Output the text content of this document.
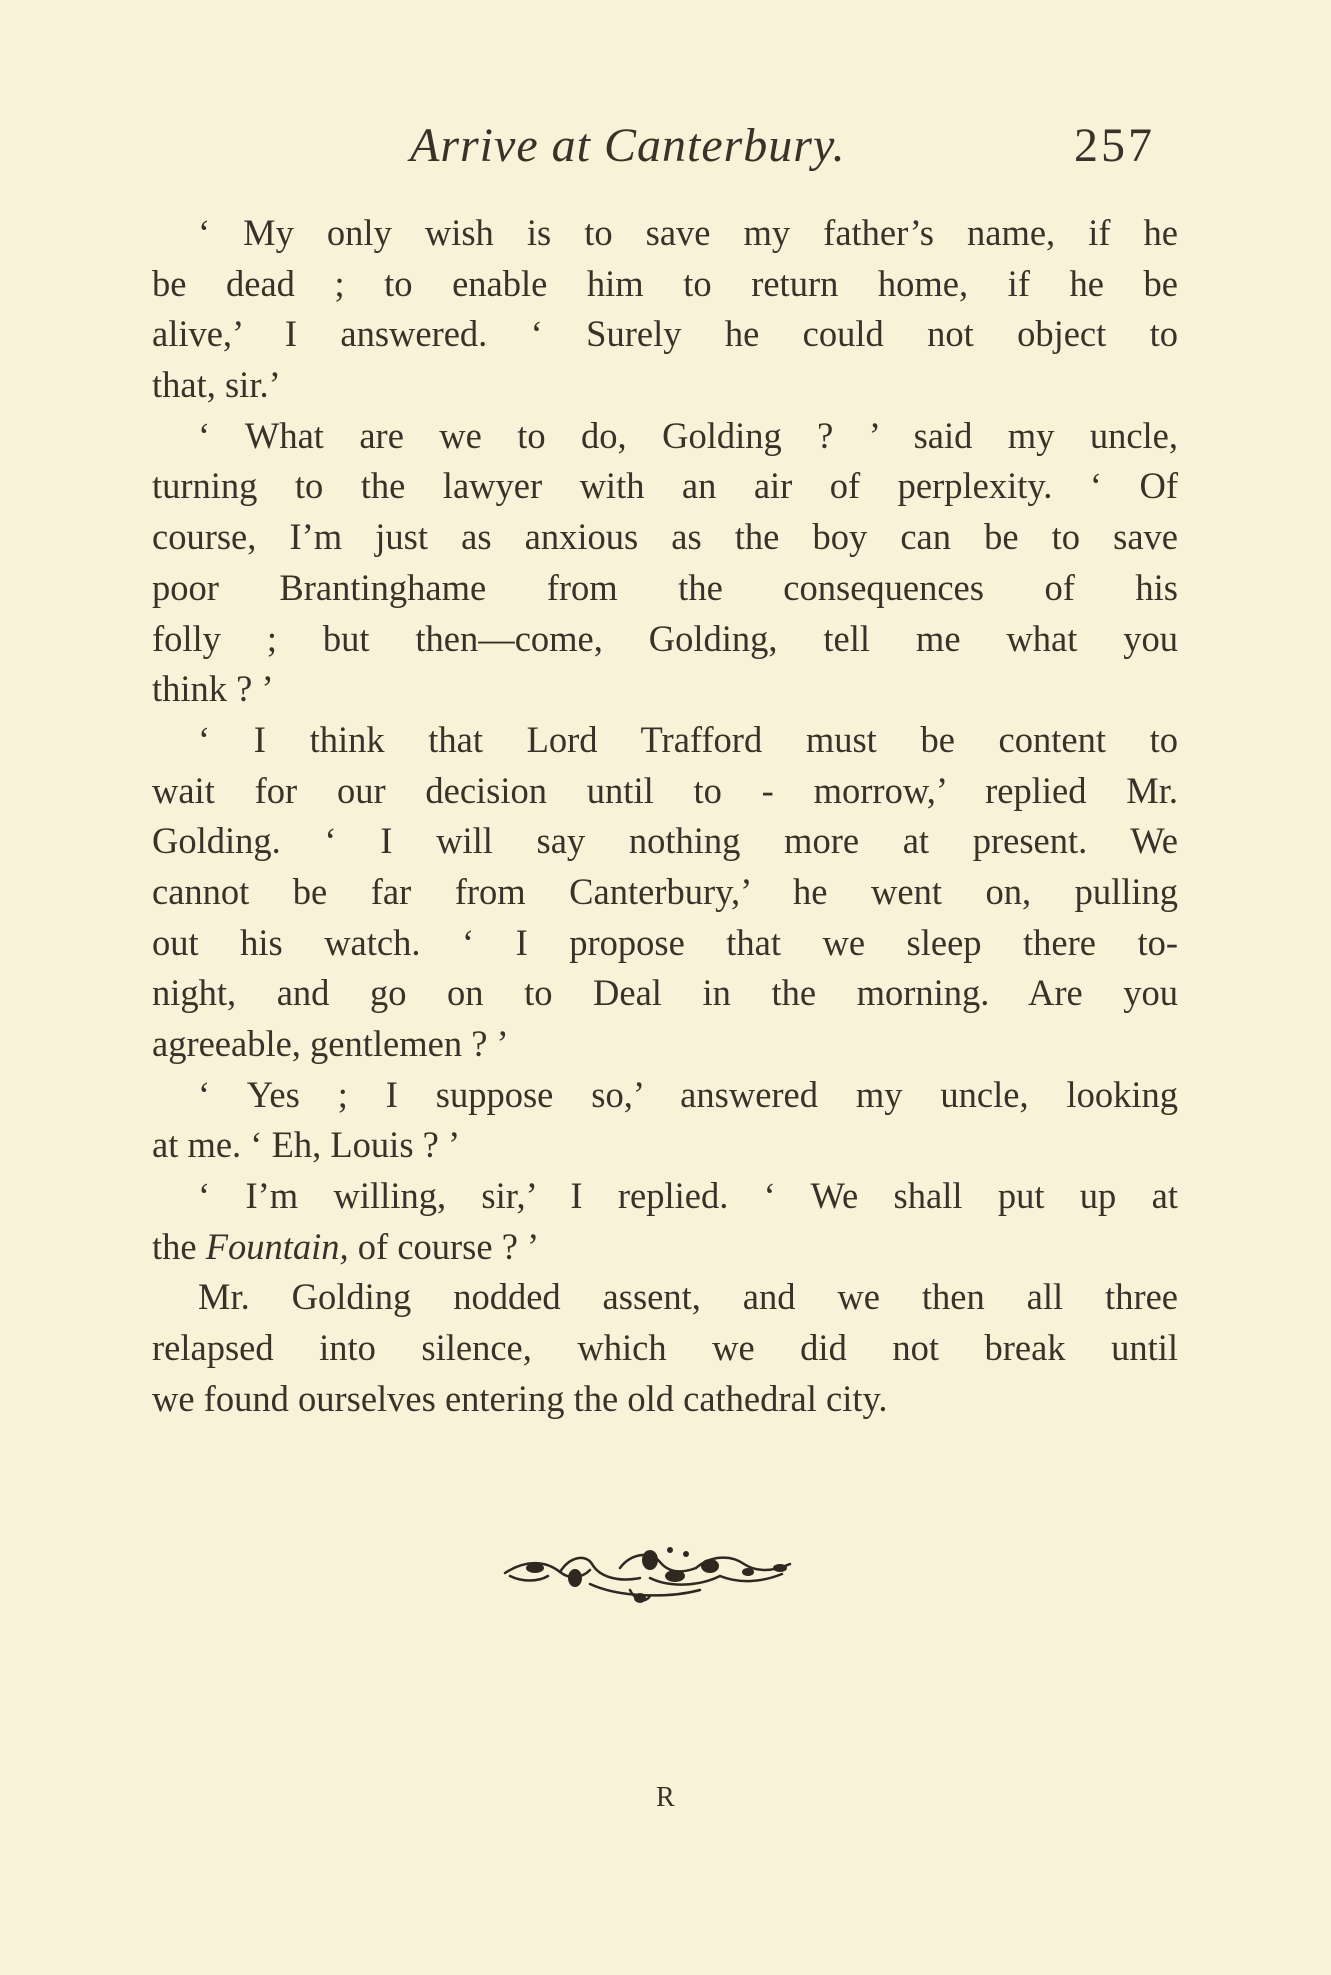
Arrive at Canterbury.	257
‘ My only wish is to save my father’s name, if he
be dead ; to enable him to return home, if he be
alive,’ I answered. ‘ Surely he could not object to
that, sir.’
‘ What are we to do, Golding ? ’ said my uncle,
turning to the lawyer with an air of perplexity. ‘ Of
course, I’m just as anxious as the boy can be to save
poor Brantinghame from the consequences of his
folly ; but then—come, Golding, tell me what you
think ? ’
‘ I think that Lord Trafford must be content to
wait for our decision until to - morrow,’ replied Mr.
Golding. ‘ I will say nothing more at present. We
cannot be far from Canterbury,’ he went on, pulling
out his watch. ‘ I propose that we sleep there to-
night, and go on to Deal in the morning. Are you
agreeable, gentlemen ? ’
‘ Yes ; I suppose so,’ answered my uncle, looking
at me. ‘ Eh, Louis ? ’
‘ I’m willing, sir,’ I replied. ‘ We shall put up at
the Fountain, of course ? ’
Mr. Golding nodded assent, and we then all three
relapsed into silence, which we did not break until
we found ourselves entering the old cathedral city.
R
